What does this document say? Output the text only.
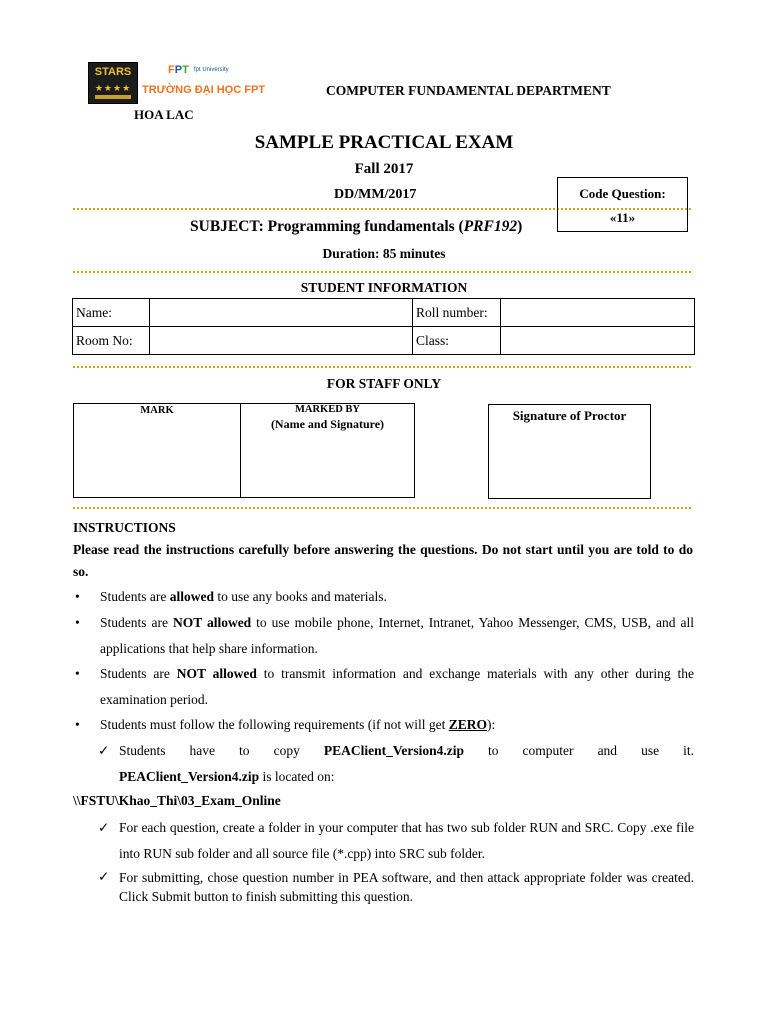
STARS
★★★★
FPT fpt University
TRƯỜNG ĐẠI HỌC FPT	COMPUTER FUNDAMENTAL DEPARTMENT
HOA LAC
SAMPLE PRACTICAL EXAM
Fall 2017
DD/MM/2017
SUBJECT: Programming fundamentals (PRF192)
Code Question:
«11»
Duration: 85 minutes
STUDENT INFORMATION
Name:		Roll number:	
Room No:		Class:	
FOR STAFF ONLY
MARK	MARKED BY
(Name and Signature)
Signature of Proctor
INSTRUCTIONS
Please read the instructions carefully before answering the questions. Do not start until you are told to do so.
• Students are allowed to use any books and materials.
• Students are NOT allowed to use mobile phone, Internet, Intranet, Yahoo Messenger, CMS, USB, and all applications that help share information.
• Students are NOT allowed to transmit information and exchange materials with any other during the examination period.
• Students must follow the following requirements (if not will get ZERO):
✓ Students have to copy PEAClient_Version4.zip to computer and use it.
PEAClient_Version4.zip is located on:
\\FSTU\Khao_Thi\03_Exam_Online
✓ For each question, create a folder in your computer that has two sub folder RUN and SRC. Copy .exe file into RUN sub folder and all source file (*.cpp) into SRC sub folder.
✓ For submitting, chose question number in PEA software, and then attack appropriate folder was created. Click Submit button to finish submitting this question.
